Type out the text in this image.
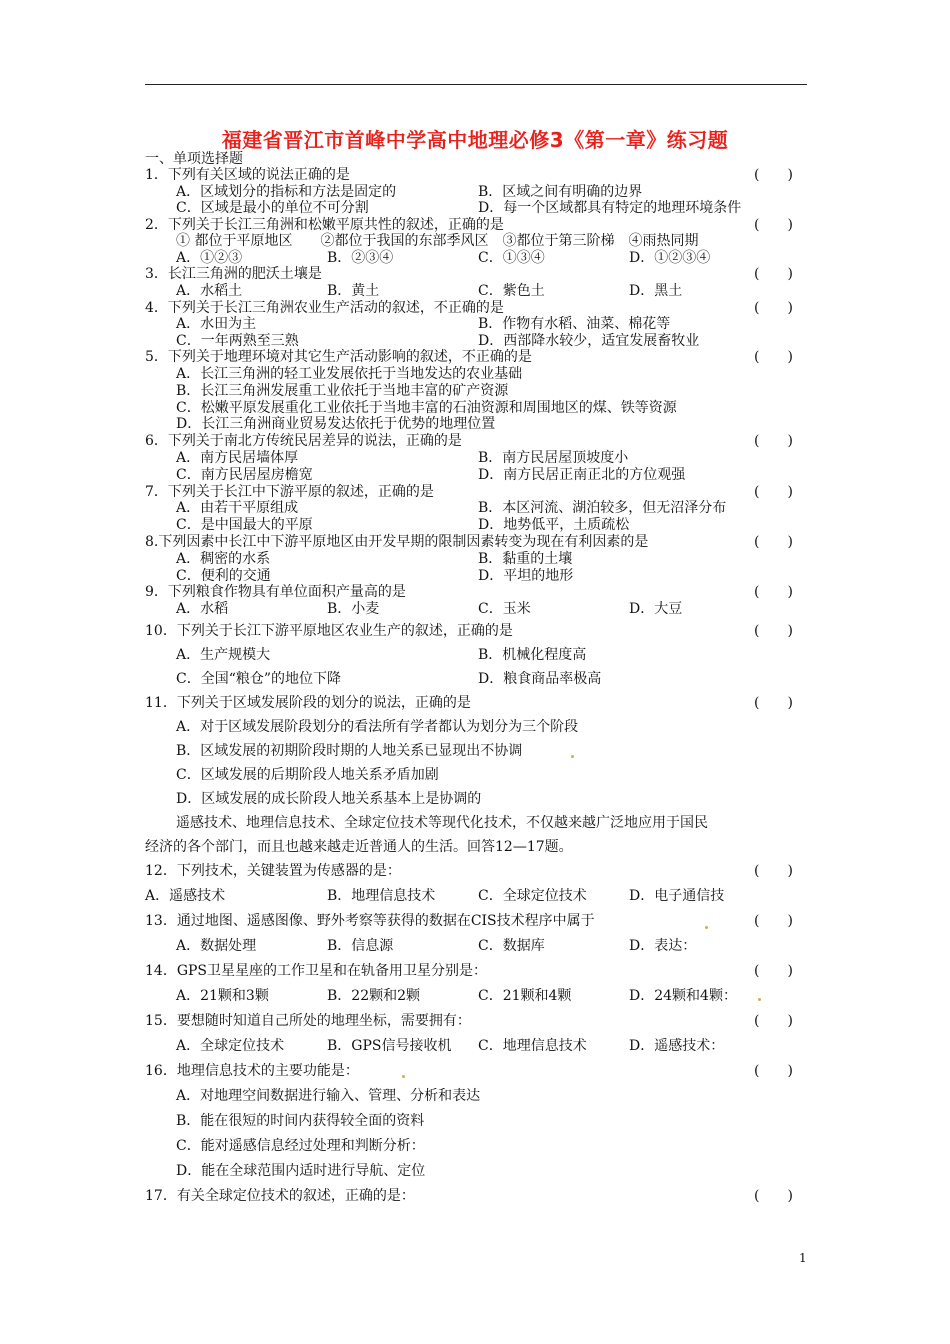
福建省晋江市首峰中学高中地理必修3《第一章》练习题
一、单项选择题
1．下列有关区域的说法正确的是	(　　)
A．区域划分的指标和方法是固定的	B．区域之间有明确的边界
C．区域是最小的单位不可分割	D．每一个区域都具有特定的地理环境条件
2．下列关于长江三角洲和松嫩平原共性的叙述，正确的是	(　　)
① 都位于平原地区　　②都位于我国的东部季风区　③都位于第三阶梯　④雨热同期
A．①②③	B．②③④	C．①③④	D．①②③④
3．长江三角洲的肥沃土壤是	(　　)
A．水稻土	B．黄土	C．紫色土	D．黑土
4．下列关于长江三角洲农业生产活动的叙述，不正确的是	(　　)
A．水田为主	B．作物有水稻、油菜、棉花等
C．一年两熟至三熟	D．西部降水较少，适宜发展畜牧业
5．下列关于地理环境对其它生产活动影响的叙述，不正确的是	(　　)
A．长江三角洲的轻工业发展依托于当地发达的农业基础
B．长江三角洲发展重工业依托于当地丰富的矿产资源
C．松嫩平原发展重化工业依托于当地丰富的石油资源和周围地区的煤、铁等资源
D．长江三角洲商业贸易发达依托于优势的地理位置
6．下列关于南北方传统民居差异的说法，正确的是	(　　)
A．南方民居墙体厚	B．南方民居屋顶坡度小
C．南方民居屋房檐宽	D．南方民居正南正北的方位观强
7．下列关于长江中下游平原的叙述，正确的是	(　　)
A．由若干平原组成	B．本区河流、湖泊较多，但无沼泽分布
C．是中国最大的平原	D．地势低平，土质疏松
8.下列因素中长江中下游平原地区由开发早期的限制因素转变为现在有利因素的是	(　　)
A．稠密的水系	B．黏重的土壤
C．便利的交通	D．平坦的地形
9．下列粮食作物具有单位面积产量高的是	(　　)
A．水稻	B．小麦	C．玉米	D．大豆
10．下列关于长江下游平原地区农业生产的叙述，正确的是	(　　)
A．生产规模大	B．机械化程度高
C．全国“粮仓”的地位下降	D．粮食商品率极高
11．下列关于区域发展阶段的划分的说法，正确的是	(　　)
A．对于区域发展阶段划分的看法所有学者都认为划分为三个阶段
B．区域发展的初期阶段时期的人地关系已显现出不协调
C．区域发展的后期阶段人地关系矛盾加剧
D．区域发展的成长阶段人地关系基本上是协调的
遥感技术、地理信息技术、全球定位技术等现代化技术，不仅越来越广泛地应用于国民
经济的各个部门，而且也越来越走近普通人的生活。回答12—17题。
12．下列技术，关键装置为传感器的是：	(　　)
A．遥感技术	B．地理信息技术	C．全球定位技术	D．电子通信技
13．通过地图、遥感图像、野外考察等获得的数据在CIS技术程序中属于	(　　)
A．数据处理	B．信息源	C．数据库	D．表达：
14．GPS卫星星座的工作卫星和在轨备用卫星分别是：	(　　)
A．21颗和3颗	B．22颗和2颗	C．21颗和4颗	D．24颗和4颗：
15．要想随时知道自己所处的地理坐标，需要拥有：	(　　)
A．全球定位技术	B．GPS信号接收机 C．地理信息技术	D．遥感技术：
16．地理信息技术的主要功能是：	(　　)
A．对地理空间数据进行输入、管理、分析和表达
B．能在很短的时间内获得较全面的资料
C．能对遥感信息经过处理和判断分析：
D．能在全球范围内适时进行导航、定位
17．有关全球定位技术的叙述，正确的是：	(　　)
1
